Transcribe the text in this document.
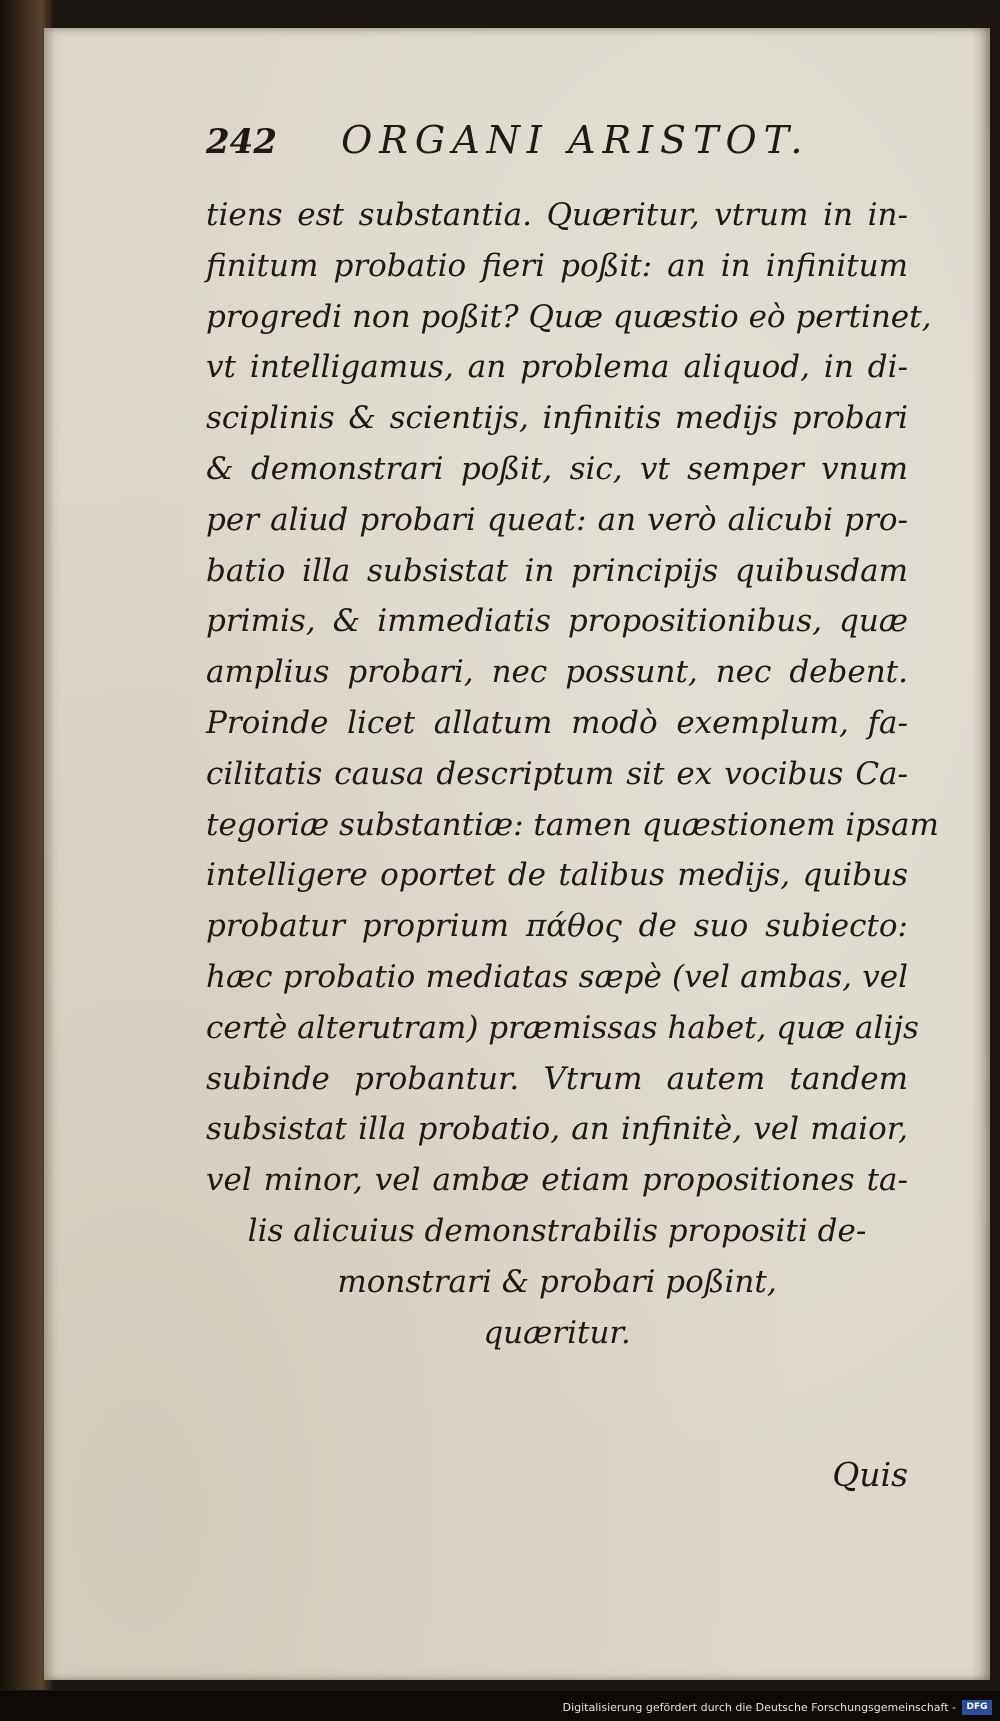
242 ORGANI ARISTOT.
tiens est substantia. Quæritur, vtrum in in-
finitum probatio fieri poßit: an in infinitum
progredi non poßit? Quæ quæstio eò pertinet,
vt intelligamus, an problema aliquod, in di-
sciplinis & scientijs, infinitis medijs probari
& demonstrari poßit, sic, vt semper vnum
per aliud probari queat: an verò alicubi pro-
batio illa subsistat in principijs quibusdam
primis, & immediatis propositionibus, quæ
amplius probari, nec possunt, nec debent.
Proinde licet allatum modò exemplum, fa-
cilitatis causa descriptum sit ex vocibus Ca-
tegoriæ substantiæ: tamen quæstionem ipsam
intelligere oportet de talibus medijs, quibus
probatur proprium πάθος de suo subiecto:
hæc probatio mediatas sæpè (vel ambas, vel
certè alterutram) præmissas habet, quæ alijs
subinde probantur. Vtrum autem tandem
subsistat illa probatio, an infinitè, vel maior,
vel minor, vel ambæ etiam propositiones ta-
lis alicuius demonstrabilis propositi de-
monstrari & probari poßint,
quæritur.
Quis
Digitalisierung gefördert durch die Deutsche Forschungsgemeinschaft -	DFG
